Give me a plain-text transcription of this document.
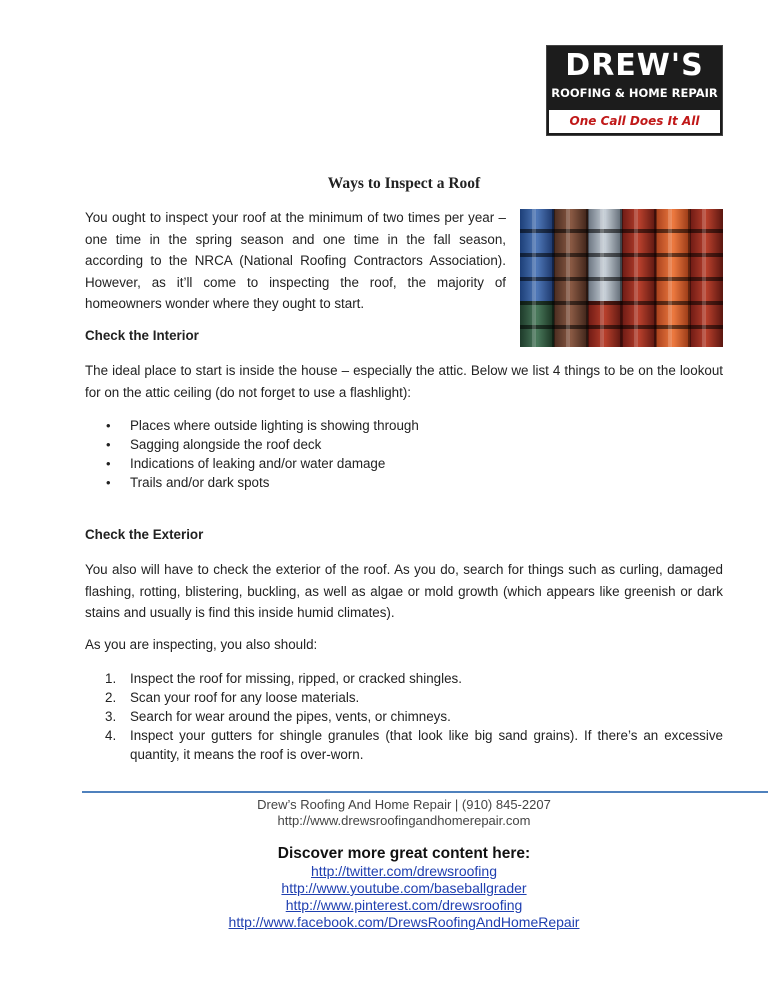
DREW'S
ROOFING & HOME REPAIR
One Call Does It All
Ways to Inspect a Roof

You ought to inspect your roof at the minimum of two times per year – one time in the spring season and one time in the fall season, according to the NRCA (National Roofing Contractors Association). However, as it’ll come to inspecting the roof, the majority of homeowners wonder where they ought to start.

Check the Interior

The ideal place to start is inside the house – especially the attic. Below we list 4 things to be on the lookout for on the attic ceiling (do not forget to use a flashlight):

• Places where outside lighting is showing through
• Sagging alongside the roof deck
• Indications of leaking and/or water damage
• Trails and/or dark spots
Check the Exterior

You also will have to check the exterior of the roof. As you do, search for things such as curling, damaged flashing, rotting, blistering, buckling, as well as algae or mold growth (which appears like greenish or dark stains and usually is find this inside humid climates).

As you are inspecting, you also should:

1. Inspect the roof for missing, ripped, or cracked shingles.
2. Scan your roof for any loose materials.
3. Search for wear around the pipes, vents, or chimneys.
4. Inspect your gutters for shingle granules (that look like big sand grains). If there’s an excessive quantity, it means the roof is over-worn.
Drew’s Roofing And Home Repair | (910) 845-2207
http://www.drewsroofingandhomerepair.com
Discover more great content here:
http://twitter.com/drewsroofing
http://www.youtube.com/baseballgrader
http://www.pinterest.com/drewsroofing
http://www.facebook.com/DrewsRoofingAndHomeRepair
